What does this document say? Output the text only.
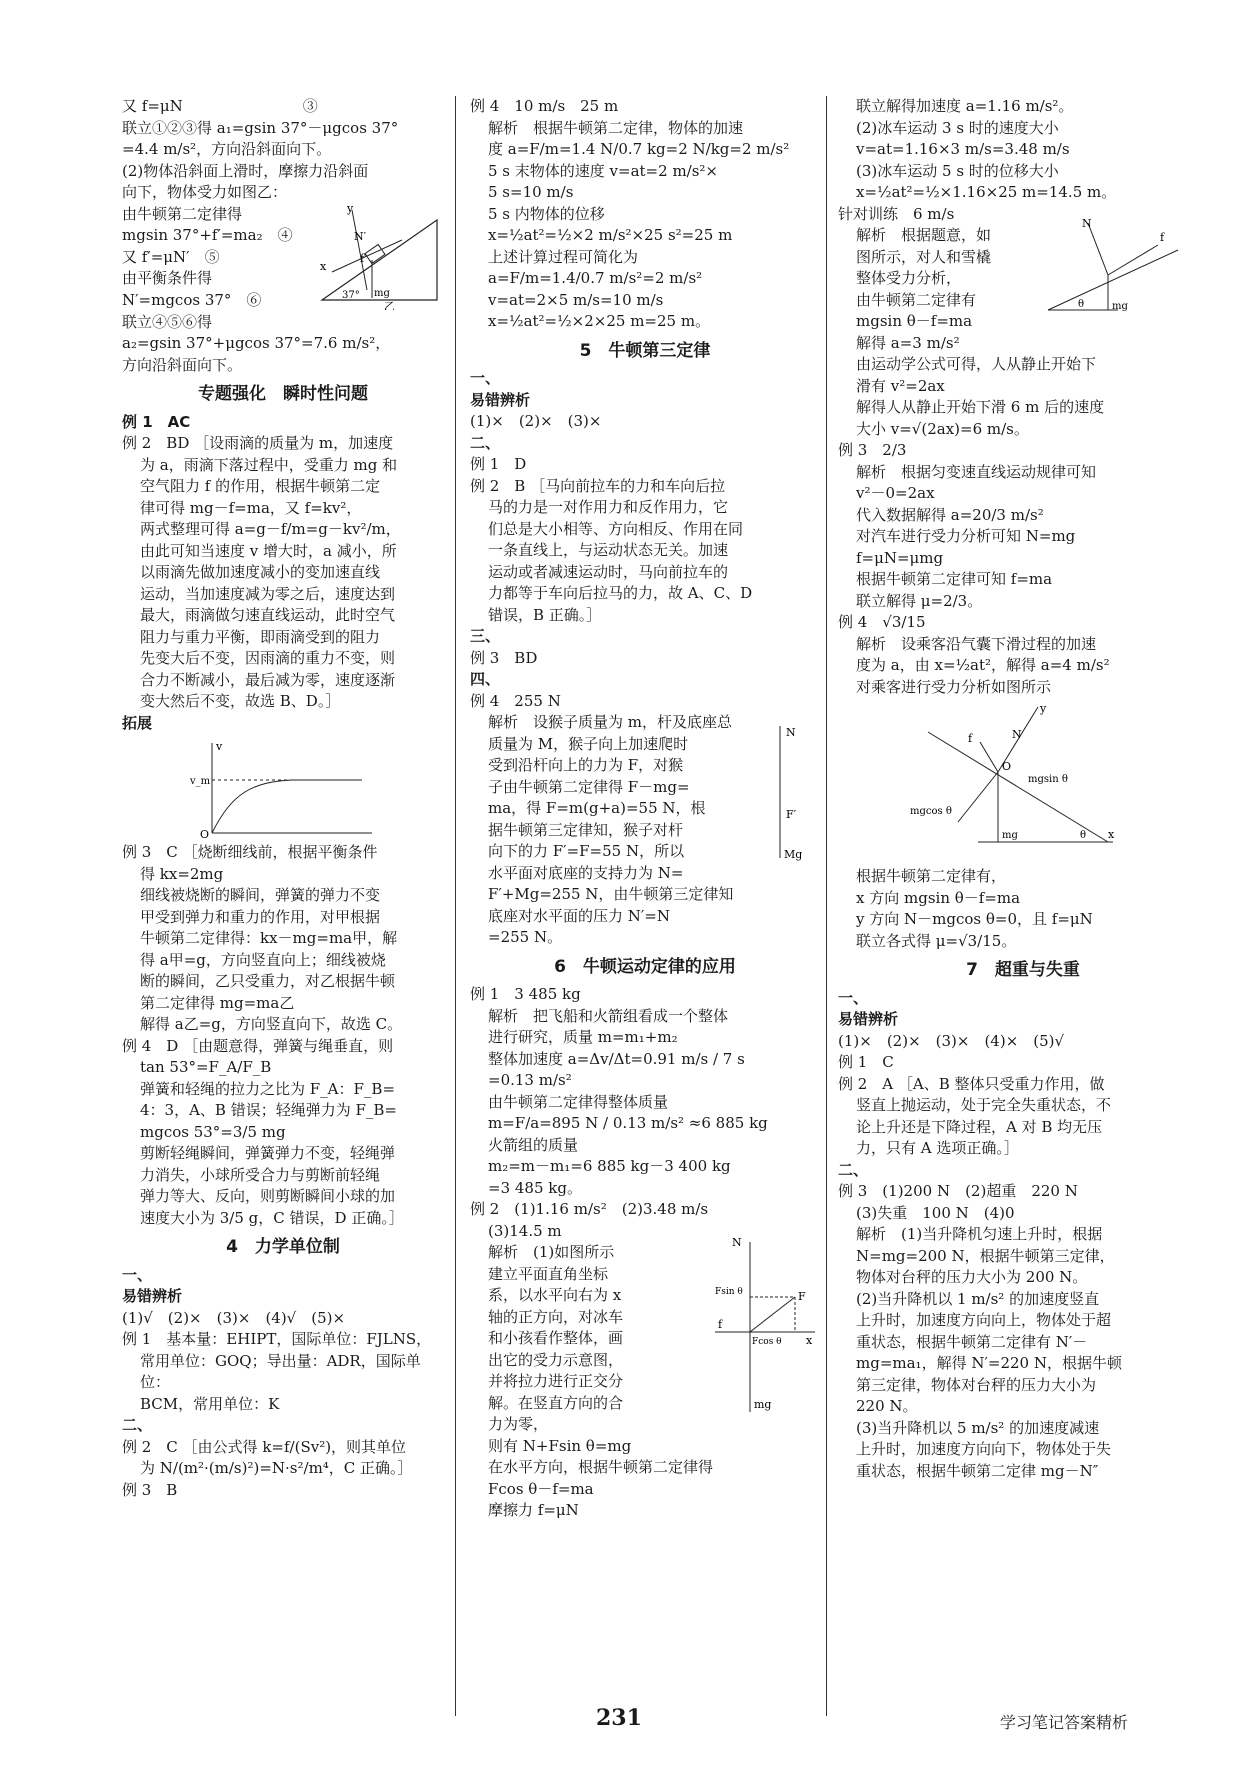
又 f=μN　　　　　　　　③
联立①②③得 a₁=gsin 37°－μgcos 37°
=4.4 m/s²，方向沿斜面向下。
(2)物体沿斜面上滑时，摩擦力沿斜面
向下，物体受力如图乙：
由牛顿第二定律得
mgsin 37°+f′=ma₂　④
又 f′=μN′　⑤
由平衡条件得
N′=mgcos 37°　⑥
y
N′
f′
x
37° mg
乙
联立④⑤⑥得
a₂=gsin 37°+μgcos 37°=7.6 m/s²，
方向沿斜面向下。
专题强化　瞬时性问题
例 1　AC
例 2　BD ［设雨滴的质量为 m，加速度
为 a，雨滴下落过程中，受重力 mg 和
空气阻力 f 的作用，根据牛顿第二定
律可得 mg－f=ma，又 f=kv²，
两式整理可得 a=g－f/m=g－kv²/m，
由此可知当速度 v 增大时，a 减小，所
以雨滴先做加速度减小的变加速直线
运动，当加速度减为零之后，速度达到
最大，雨滴做匀速直线运动，此时空气
阻力与重力平衡，即雨滴受到的阻力
先变大后不变，因雨滴的重力不变，则
合力不断减小，最后减为零，速度逐渐
变大然后不变，故选 B、D。］
拓展
v
v_m
O
例 3　C ［烧断细线前，根据平衡条件
得 kx=2mg
细线被烧断的瞬间，弹簧的弹力不变
甲受到弹力和重力的作用，对甲根据
牛顿第二定律得：kx－mg=ma甲，解
得 a甲=g，方向竖直向上；细线被烧
断的瞬间，乙只受重力，对乙根据牛顿
第二定律得 mg=ma乙
解得 a乙=g，方向竖直向下，故选 C。
例 4　D ［由题意得，弹簧与绳垂直，则
tan 53°=F_A/F_B
弹簧和轻绳的拉力之比为 F_A：F_B=
4：3，A、B 错误；轻绳弹力为 F_B=
mgcos 53°=3/5 mg
剪断轻绳瞬间，弹簧弹力不变，轻绳弹
力消失，小球所受合力与剪断前轻绳
弹力等大、反向，则剪断瞬间小球的加
速度大小为 3/5 g，C 错误，D 正确。］
4　力学单位制
一、
易错辨析
(1)√　(2)×　(3)×　(4)√　(5)×
例 1　基本量：EHIPT，国际单位：FJLNS，
常用单位：GOQ；导出量：ADR，国际单位：
BCM，常用单位：K
二、
例 2　C ［由公式得 k=f/(Sv²)，则其单位
为 N/(m²·(m/s)²)=N·s²/m⁴，C 正确。］
例 3　B
例 4　10 m/s　25 m
解析　根据牛顿第二定律，物体的加速
度 a=F/m=1.4 N/0.7 kg=2 N/kg=2 m/s²
5 s 末物体的速度 v=at=2 m/s²×
5 s=10 m/s
5 s 内物体的位移
x=½at²=½×2 m/s²×25 s²=25 m
上述计算过程可简化为
a=F/m=1.4/0.7 m/s²=2 m/s²
v=at=2×5 m/s=10 m/s
x=½at²=½×2×25 m=25 m。
5　牛顿第三定律
一、
易错辨析
(1)×　(2)×　(3)×
二、
例 1　D
例 2　B ［马向前拉车的力和车向后拉
马的力是一对作用力和反作用力，它
们总是大小相等、方向相反、作用在同
一条直线上，与运动状态无关。加速
运动或者减速运动时，马向前拉车的
力都等于车向后拉马的力，故 A、C、D
错误，B 正确。］
三、
例 3　BD
四、
例 4　255 N
解析　设猴子质量为 m，杆及底座总
质量为 M，猴子向上加速爬时
受到沿杆向上的力为 F，对猴
子由牛顿第二定律得 F－mg=
ma，得 F=m(g+a)=55 N，根
据牛顿第三定律知，猴子对杆
向下的力 F′=F=55 N，所以
N
F′
Mg
水平面对底座的支持力为 N=
F′+Mg=255 N，由牛顿第三定律知
底座对水平面的压力 N′=N
=255 N。
6　牛顿运动定律的应用
例 1　3 485 kg
解析　把飞船和火箭组看成一个整体
进行研究，质量 m=m₁+m₂
整体加速度 a=Δv/Δt=0.91 m/s / 7 s
=0.13 m/s²
由牛顿第二定律得整体质量
m=F/a=895 N / 0.13 m/s² ≈6 885 kg
火箭组的质量
m₂=m－m₁=6 885 kg－3 400 kg
=3 485 kg。
例 2　(1)1.16 m/s²　(2)3.48 m/s
(3)14.5 m
解析　(1)如图所示
建立平面直角坐标
系，以水平向右为 x
轴的正方向，对冰车
和小孩看作整体，画
出它的受力示意图，
并将拉力进行正交分
解。在竖直方向的合
力为零，
N
Fsin θ	F
Fcos θ x
f
mg
则有 N+Fsin θ=mg
在水平方向，根据牛顿第二定律得
Fcos θ－f=ma
摩擦力 f=μN
联立解得加速度 a=1.16 m/s²。
(2)冰车运动 3 s 时的速度大小
v=at=1.16×3 m/s=3.48 m/s
(3)冰车运动 5 s 时的位移大小
x=½at²=½×1.16×25 m=14.5 m。
针对训练　6 m/s
解析　根据题意，如
图所示，对人和雪橇
整体受力分析，
由牛顿第二定律有
mgsin θ－f=ma
N
f
θ	mg
解得 a=3 m/s²
由运动学公式可得，人从静止开始下
滑有 v²=2ax
解得人从静止开始下滑 6 m 后的速度
大小 v=√(2ax)=6 m/s。
例 3　2/3
解析　根据匀变速直线运动规律可知
v²－0=2ax
代入数据解得 a=20/3 m/s²
对汽车进行受力分析可知 N=mg
f=μN=μmg
根据牛顿第二定律可知 f=ma
联立解得 μ=2/3。
例 4　√3/15
解析　设乘客沿气囊下滑过程的加速
度为 a，由 x=½at²，解得 a=4 m/s²
对乘客进行受力分析如图所示
y
N
f
O
mgsin θ
mgcos θ
mg	θ x
根据牛顿第二定律有，
x 方向 mgsin θ－f=ma
y 方向 N－mgcos θ=0，且 f=μN
联立各式得 μ=√3/15。
7　超重与失重
一、
易错辨析
(1)×　(2)×　(3)×　(4)×　(5)√
例 1　C
例 2　A ［A、B 整体只受重力作用，做
竖直上抛运动，处于完全失重状态，不
论上升还是下降过程，A 对 B 均无压
力，只有 A 选项正确。］
二、
例 3　(1)200 N　(2)超重　220 N
(3)失重　100 N　(4)0
解析　(1)当升降机匀速上升时，根据
N=mg=200 N，根据牛顿第三定律，
物体对台秤的压力大小为 200 N。
(2)当升降机以 1 m/s² 的加速度竖直
上升时，加速度方向向上，物体处于超
重状态，根据牛顿第二定律有 N′－
mg=ma₁，解得 N′=220 N，根据牛顿
第三定律，物体对台秤的压力大小为
220 N。
(3)当升降机以 5 m/s² 的加速度减速
上升时，加速度方向向下，物体处于失
重状态，根据牛顿第二定律 mg－N″
231	学习笔记答案精析
